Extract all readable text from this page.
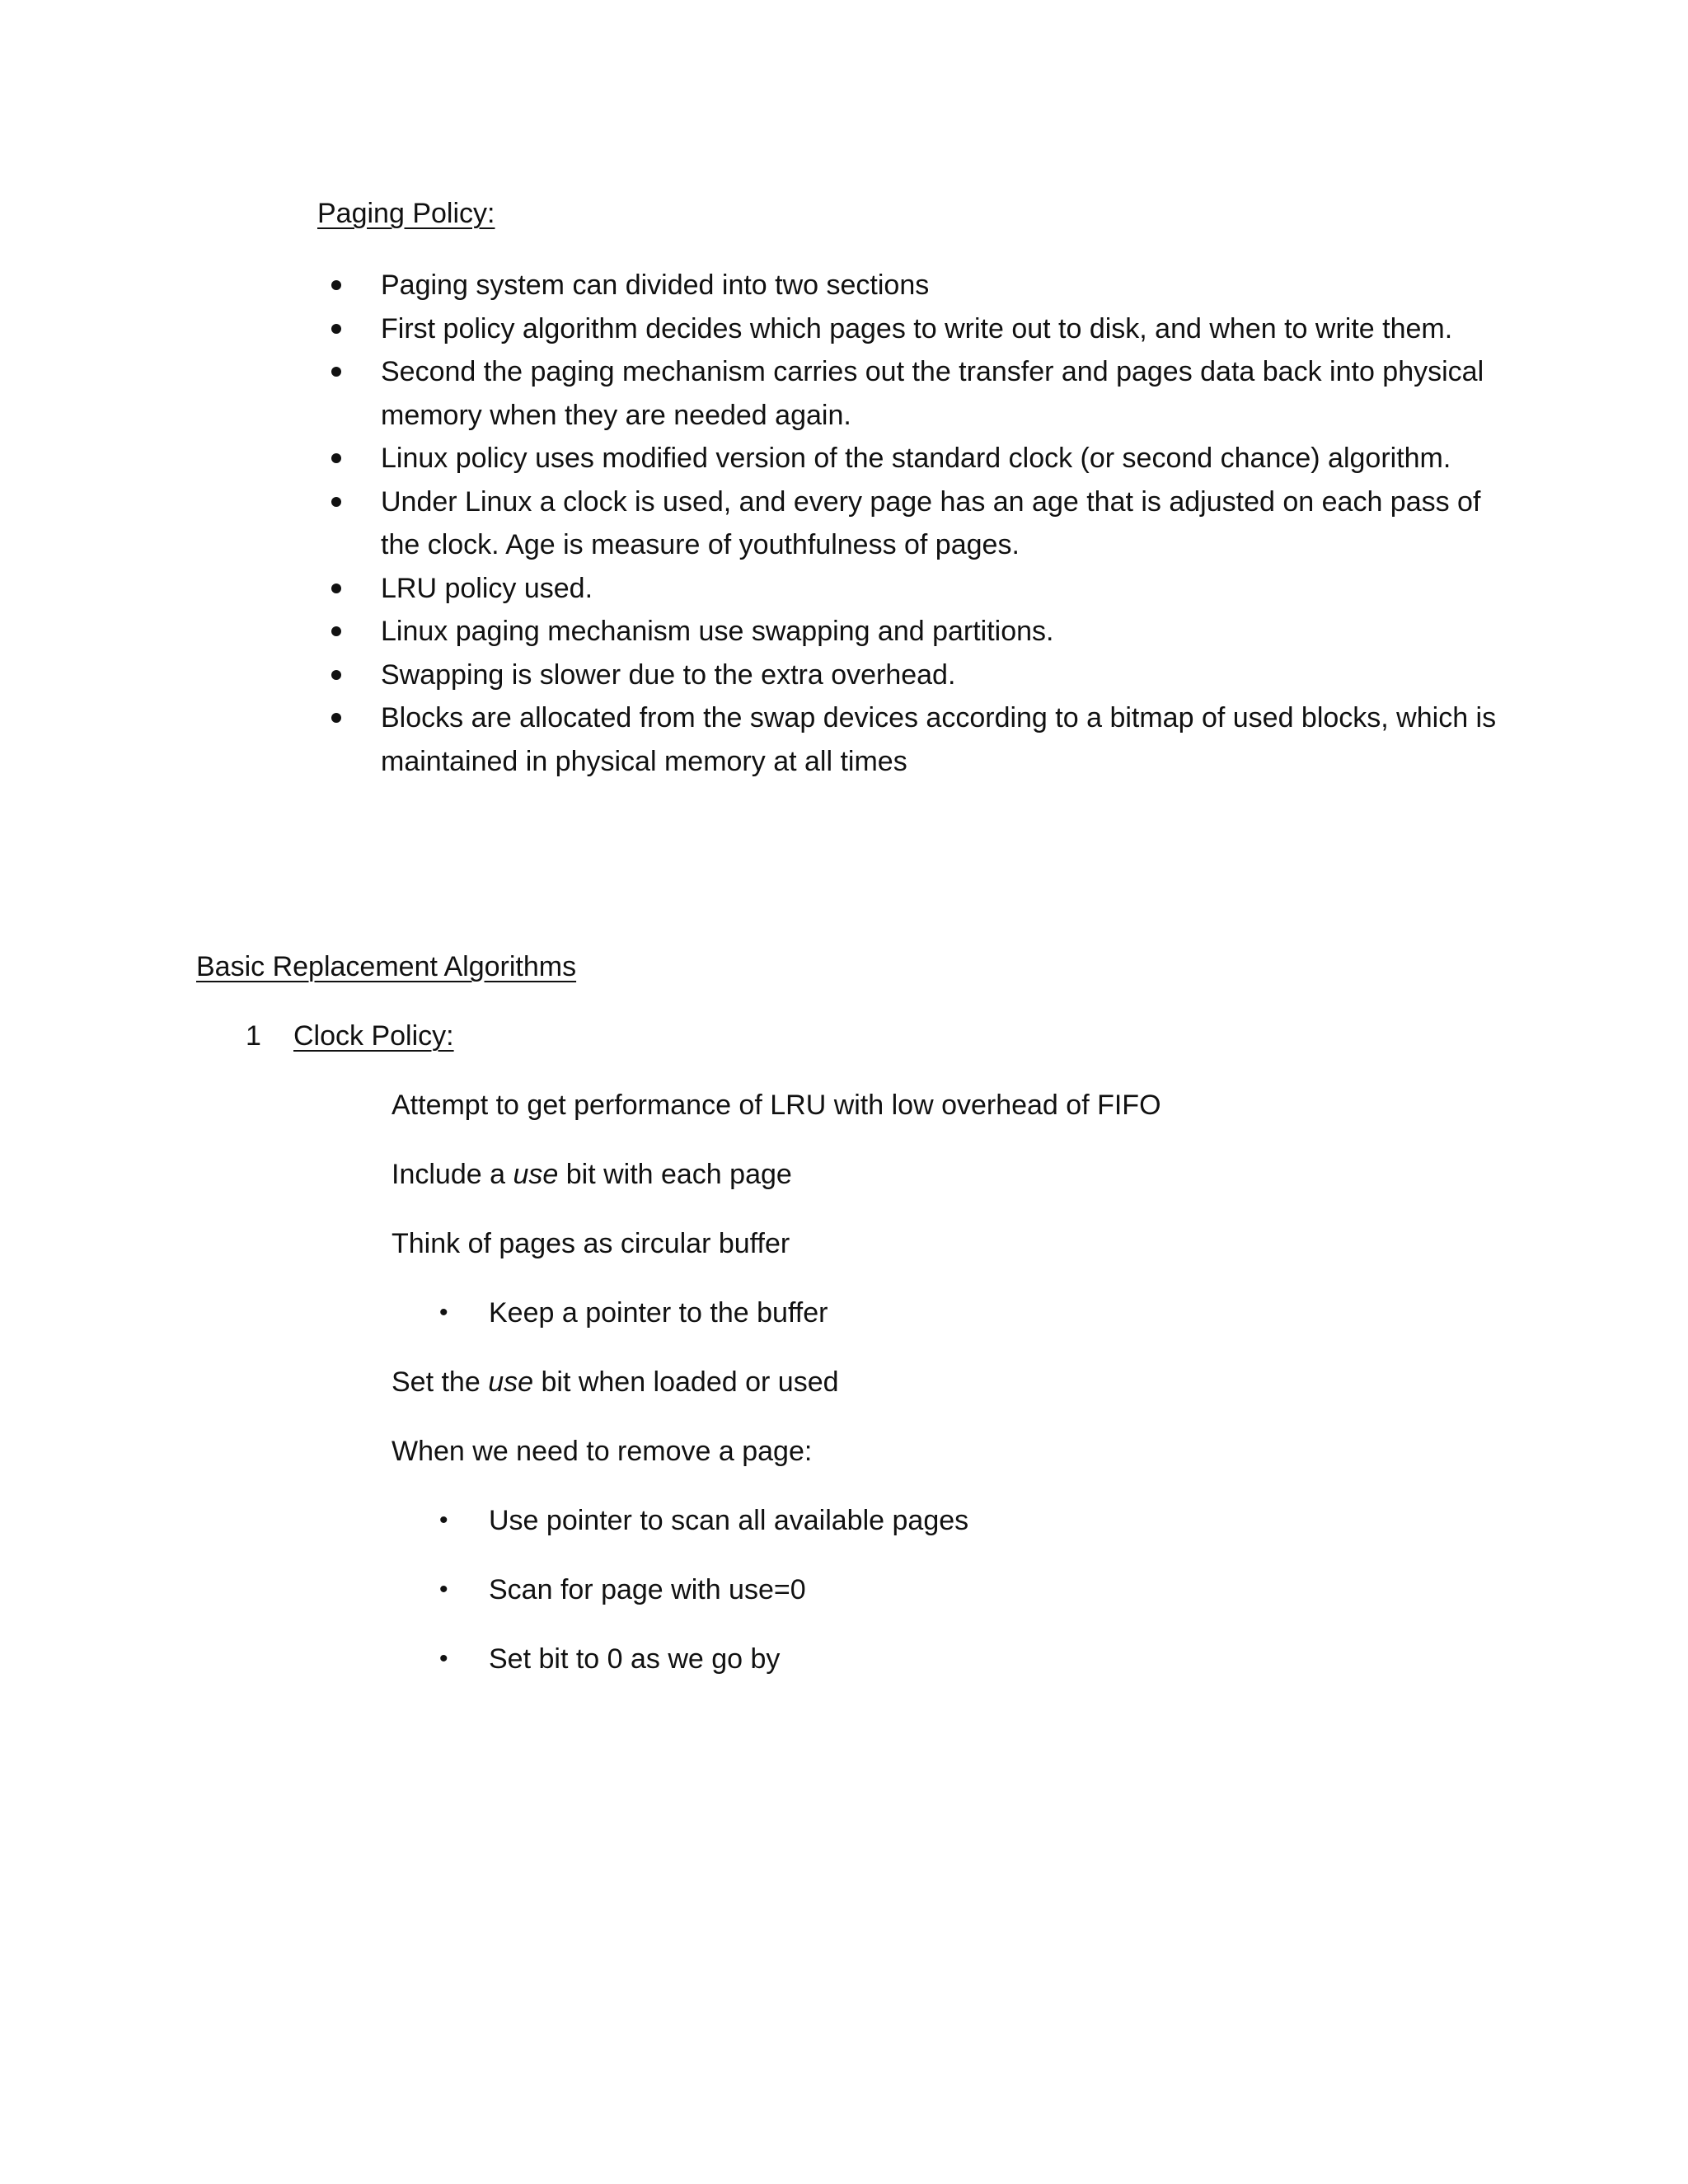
Paging Policy:
Paging system can divided into two sections
First policy algorithm decides which pages to write out to disk, and when to write them.
Second the paging mechanism carries out the transfer and pages data back into physical memory when they are needed again.
Linux policy uses modified version of the standard clock (or second chance) algorithm.
Under Linux a clock is used, and every page has an age that is adjusted on each pass of the clock. Age is measure of youthfulness of pages.
LRU policy used.
Linux paging mechanism use swapping and partitions.
Swapping is slower due to the extra overhead.
Blocks are allocated from the swap devices according to a bitmap of used blocks, which is maintained in physical memory at all times
Basic Replacement Algorithms
1 Clock Policy:
Attempt to get performance of LRU with low overhead of FIFO
Include a use bit with each page
Think of pages as circular buffer
• Keep a pointer to the buffer
Set the use bit when loaded or used
When we need to remove a page:
• Use pointer to scan all available pages
• Scan for page with use=0
• Set bit to 0 as we go by
